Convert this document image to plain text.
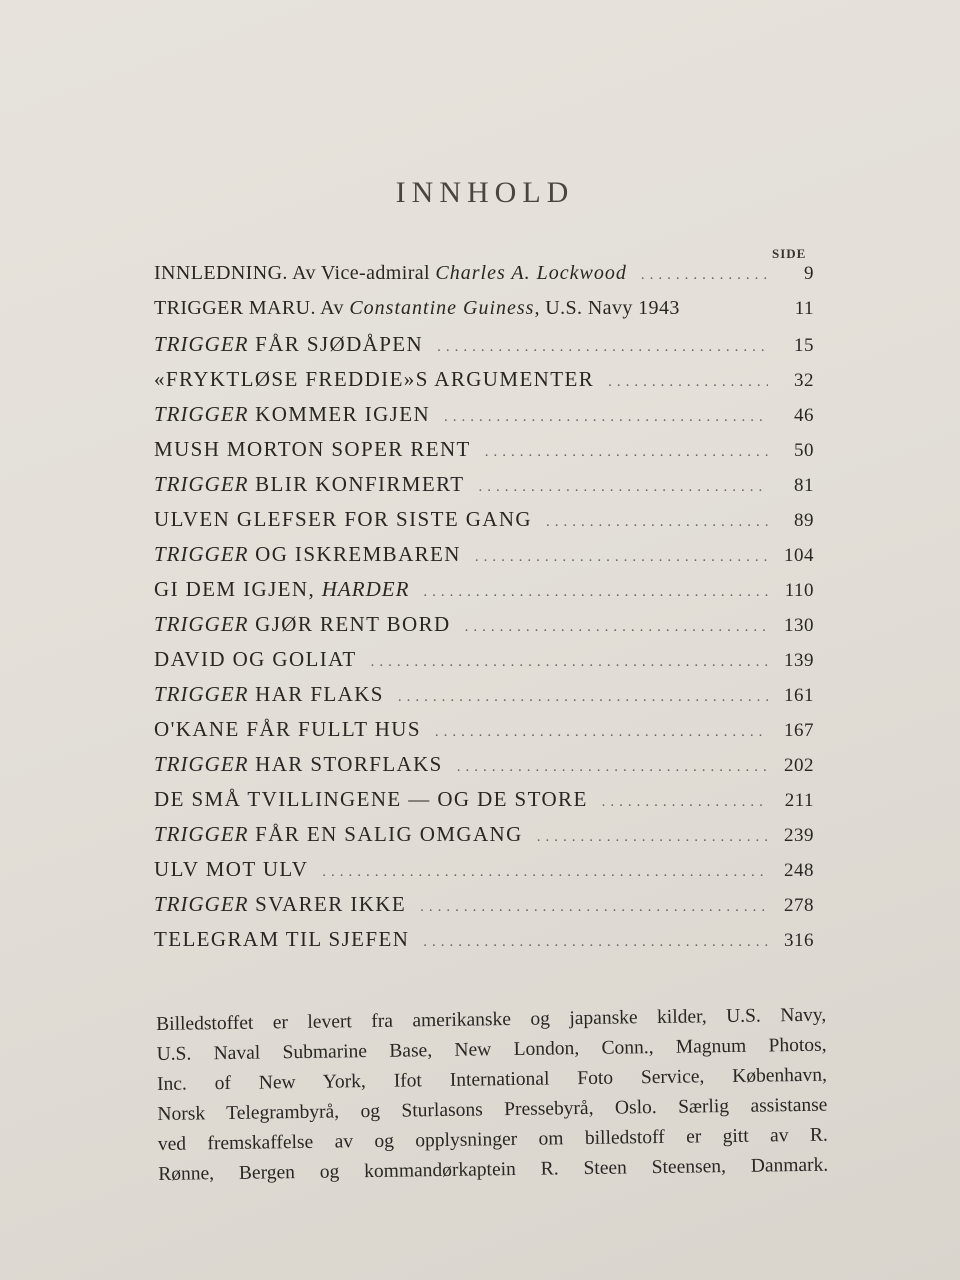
INNHOLD
SIDE
INNLEDNING. Av Vice-admiral Charles A. Lockwood .....	9
TRIGGER MARU. Av Constantine Guiness, U.S. Navy 1943	11
TRIGGER FÅR SJØDÅPEN .....	15
«FRYKTLØSE FREDDIE»S ARGUMENTER .....	32
TRIGGER KOMMER IGJEN .....	46
MUSH MORTON SOPER RENT .....	50
TRIGGER BLIR KONFIRMERT .....	81
ULVEN GLEFSER FOR SISTE GANG .....	89
TRIGGER OG ISKREMBAREN .....	104
GI DEM IGJEN, HARDER .....	110
TRIGGER GJØR RENT BORD .....	130
DAVID OG GOLIAT .....	139
TRIGGER HAR FLAKS .....	161
O'KANE FÅR FULLT HUS .....	167
TRIGGER HAR STORFLAKS .....	202
DE SMÅ TVILLINGENE — OG DE STORE .....	211
TRIGGER FÅR EN SALIG OMGANG .....	239
ULV MOT ULV .....	248
TRIGGER SVARER IKKE .....	278
TELEGRAM TIL SJEFEN .....	316
Billedstoffet er levert fra amerikanske og japanske kilder, U.S. Navy,
U.S. Naval Submarine Base, New London, Conn., Magnum Photos,
Inc. of New York, Ifot International Foto Service, København,
Norsk Telegrambyrå, og Sturlasons Pressebyrå, Oslo. Særlig assistanse
ved fremskaffelse av og opplysninger om billedstoff er gitt av R.
Rønne, Bergen og kommandørkaptein R. Steen Steensen, Danmark.
